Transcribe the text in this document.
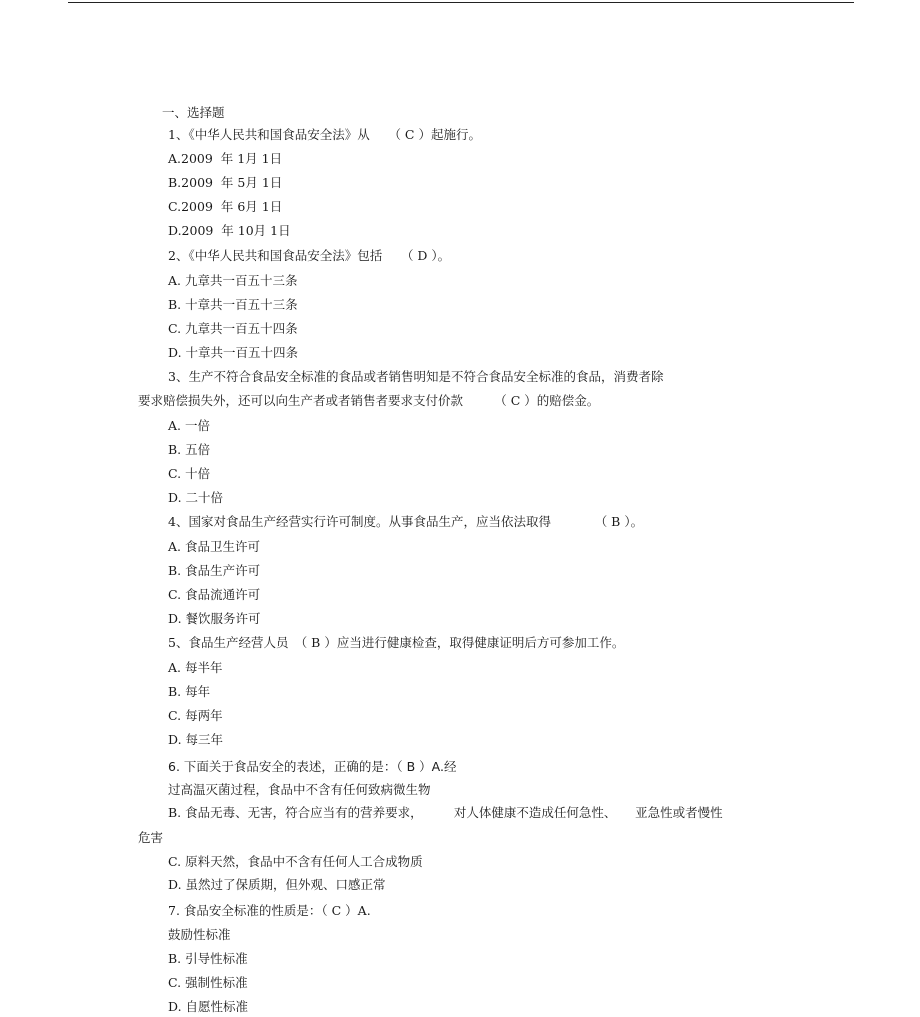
一、选择题
1、《中华人民共和国食品安全法》从　　（ C ）起施行。
A.2009  年 1月 1日
B.2009  年 5月 1日
C.2009  年 6月 1日
D.2009  年 10月 1日
2、《中华人民共和国食品安全法》包括　　（ D ）。
A. 九章共一百五十三条
B. 十章共一百五十三条
C. 九章共一百五十四条
D. 十章共一百五十四条
3、生产不符合食品安全标准的食品或者销售明知是不符合食品安全标准的食品，消费者除
要求赔偿损失外，还可以向生产者或者销售者要求支付价款　　　（ C ）的赔偿金。
A. 一倍
B. 五倍
C. 十倍
D. 二十倍
4、国家对食品生产经营实行许可制度。从事食品生产，应当依法取得　　　　（ B ）。
A. 食品卫生许可
B. 食品生产许可
C. 食品流通许可
D. 餐饮服务许可
5、食品生产经营人员　（ B ）应当进行健康检查，取得健康证明后方可参加工作。
A. 每半年
B. 每年
C. 每两年
D. 每三年
6. 下面关于食品安全的表述，正确的是：（ B ）A.经
过高温灭菌过程，食品中不含有任何致病微生物
B. 食品无毒、无害，符合应当有的营养要求，　　　对人体健康不造成任何急性、　　亚急性或者慢性
危害
C. 原料天然，食品中不含有任何人工合成物质
D. 虽然过了保质期，但外观、口感正常
7. 食品安全标准的性质是：（ C ）A.
鼓励性标准
B. 引导性标准
C. 强制性标准
D. 自愿性标准
